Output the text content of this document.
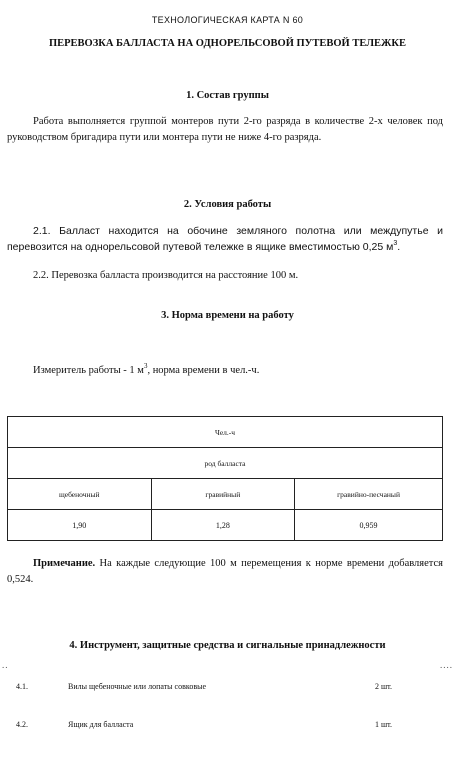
ТЕХНОЛОГИЧЕСКАЯ КАРТА N 60
ПЕРЕВОЗКА БАЛЛАСТА НА ОДНОРЕЛЬСОВОЙ ПУТЕВОЙ ТЕЛЕЖКЕ
1. Состав группы
Работа выполняется группой монтеров пути 2-го разряда в количестве 2-х человек под руководством бригадира пути или монтера пути не ниже 4-го разряда.
2. Условия работы
2.1. Балласт находится на обочине земляного полотна или междупутье и перевозится на однорельсовой путевой тележке в ящике вместимостью 0,25 $м^3$.
2.2. Перевозка балласта производится на расстояние 100 м.
3. Норма времени на работу
Измеритель работы - 1 $м^3$, норма времени в чел.-ч.
Чел.-ч		
род балласта		
щебеночный	гравийный	гравийно-песчаный
1,90	1,28	0,959
Примечание. На каждые следующие 100 м перемещения к норме времени добавляется 0,524.
4. Инструмент, защитные средства и сигнальные принадлежности
..	....
4.1.	Вилы щебеночные или лопаты совковые	2 шт.
4.2.	Ящик для балласта	1 шт.
